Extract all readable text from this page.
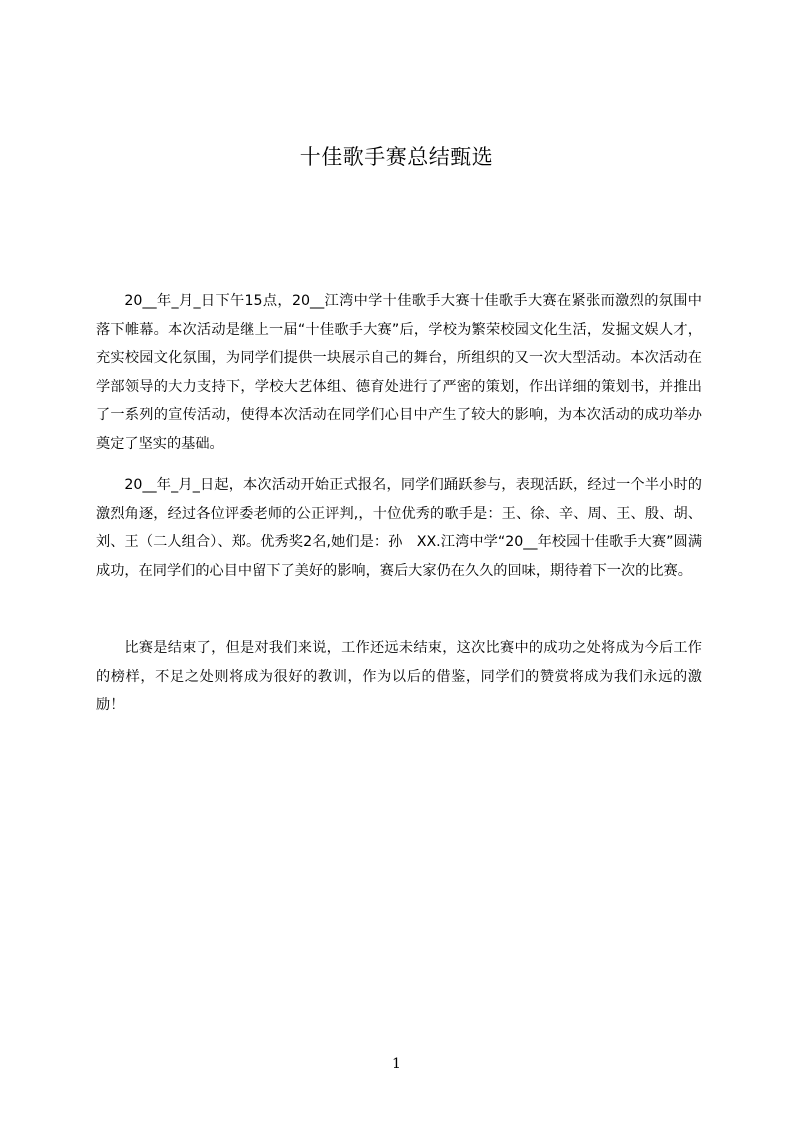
十佳歌手赛总结甄选

20__年_月_日下午15点，20__江湾中学十佳歌手大赛十佳歌手大赛在紧张而激烈的氛围中落下帷幕。本次活动是继上一届“十佳歌手大赛”后，学校为繁荣校园文化生活，发掘文娱人才，充实校园文化氛围，为同学们提供一块展示自己的舞台，所组织的又一次大型活动。本次活动在学部领导的大力支持下，学校大艺体组、德育处进行了严密的策划，作出详细的策划书，并推出了一系列的宣传活动，使得本次活动在同学们心目中产生了较大的影响，为本次活动的成功举办奠定了坚实的基础。

20__年_月_日起，本次活动开始正式报名，同学们踊跃参与，表现活跃，经过一个半小时的激烈角逐，经过各位评委老师的公正评判,，十位优秀的歌手是：王、徐、辛、周、王、殷、胡、刘、王（二人组合）、郑。优秀奖2名,她们是：孙　XX.江湾中学“20__年校园十佳歌手大赛”圆满成功，在同学们的心目中留下了美好的影响，赛后大家仍在久久的回味，期待着下一次的比赛。

比赛是结束了，但是对我们来说，工作还远未结束，这次比赛中的成功之处将成为今后工作的榜样，不足之处则将成为很好的教训，作为以后的借鉴，同学们的赞赏将成为我们永远的激励！

1
